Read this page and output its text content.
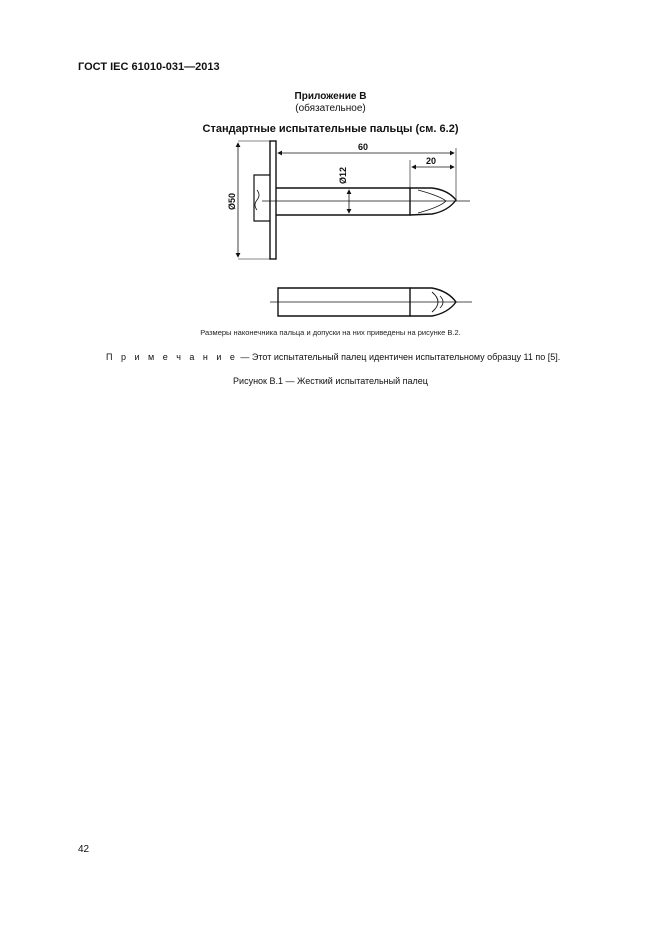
ГОСТ IEC 61010-031—2013
Приложение В
(обязательное)
Стандартные испытательные пальцы (см. 6.2)
60
20
Ø12
Ø50
Размеры наконечника пальца и допуски на них приведены на рисунке В.2.
П р и м е ч а н и е — Этот испытательный палец идентичен испытательному образцу 11 по [5].
Рисунок В.1 — Жесткий испытательный палец
42
